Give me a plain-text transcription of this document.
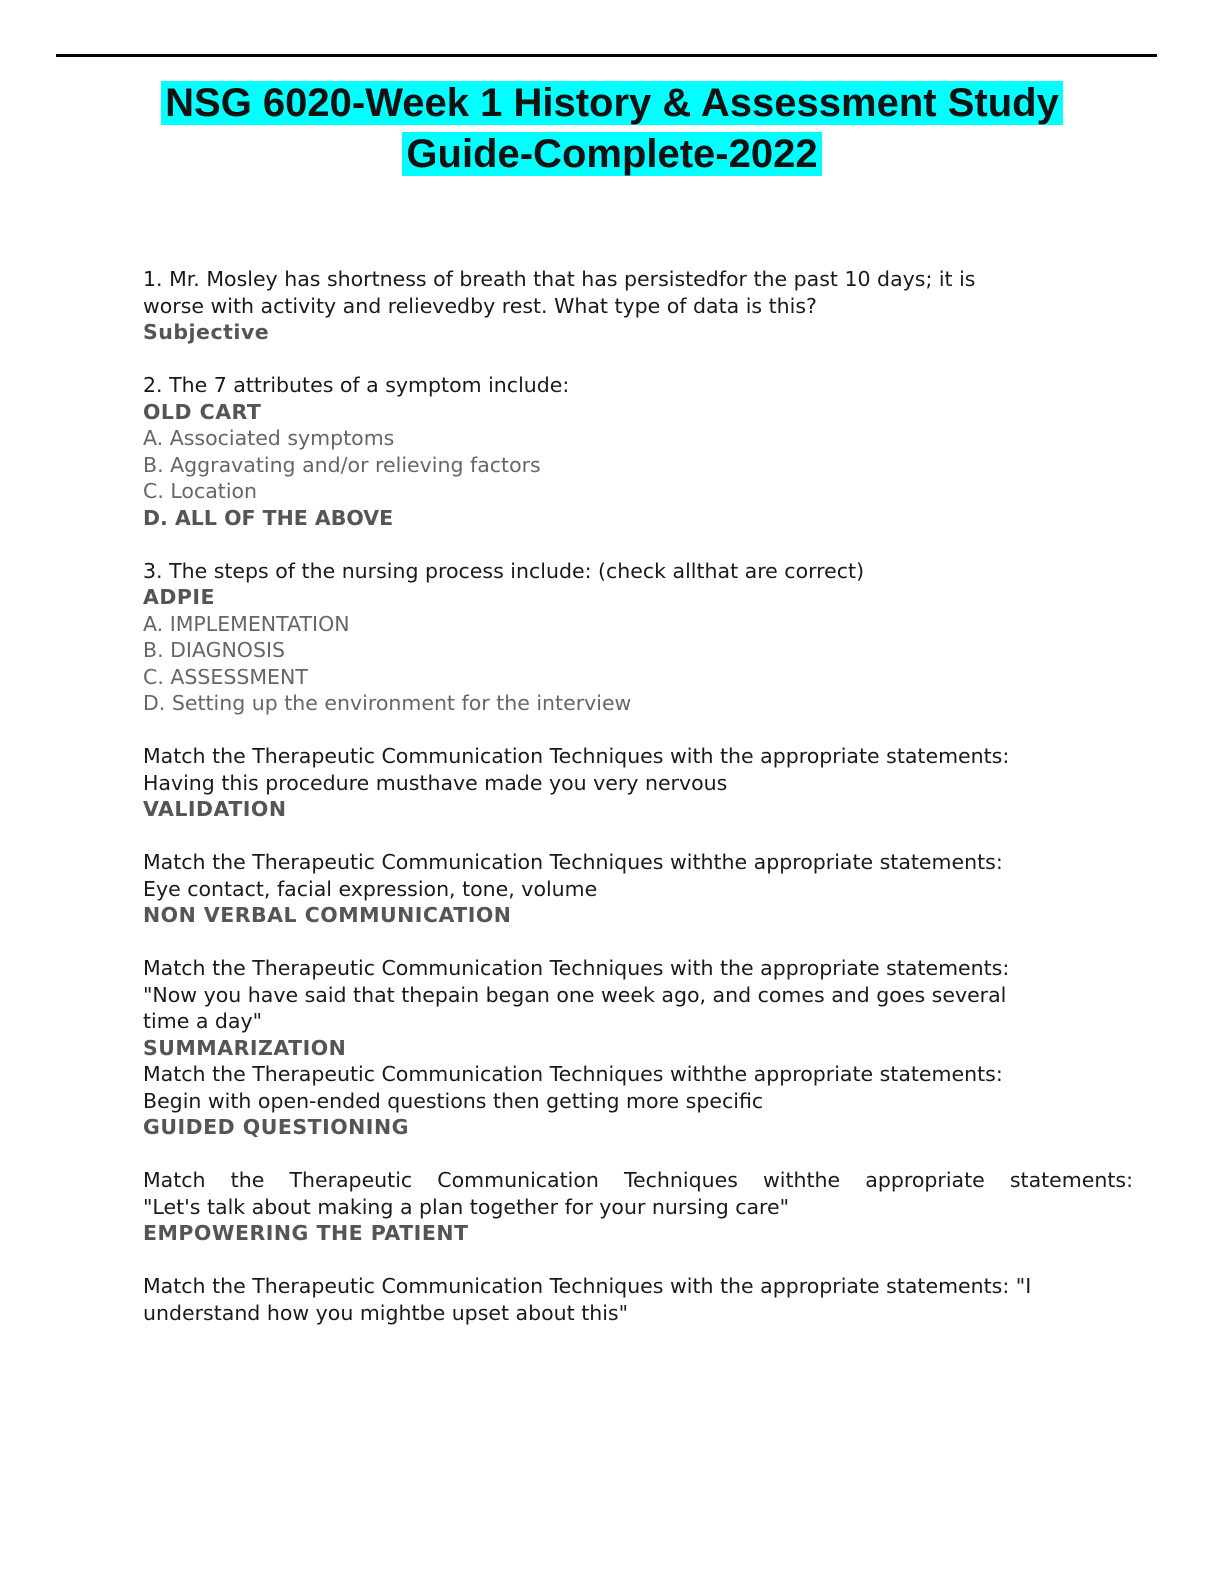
NSG 6020-Week 1 History & Assessment Study
Guide-Complete-2022
1. Mr. Mosley has shortness of breath that has persistedfor the past 10 days; it is
worse with activity and relievedby rest. What type of data is this?
Subjective
2. The 7 attributes of a symptom include:
OLD CART
A. Associated symptoms
B. Aggravating and/or relieving factors
C. Location
D. ALL OF THE ABOVE
3. The steps of the nursing process include: (check allthat are correct)
ADPIE
A. IMPLEMENTATION
B. DIAGNOSIS
C. ASSESSMENT
D. Setting up the environment for the interview
Match the Therapeutic Communication Techniques with the appropriate statements:
Having this procedure musthave made you very nervous
VALIDATION
Match the Therapeutic Communication Techniques withthe appropriate statements:
Eye contact, facial expression, tone, volume
NON VERBAL COMMUNICATION
Match the Therapeutic Communication Techniques with the appropriate statements:
"Now you have said that thepain began one week ago, and comes and goes several
time a day"
SUMMARIZATION
Match the Therapeutic Communication Techniques withthe appropriate statements:
Begin with open-ended questions then getting more specific
GUIDED QUESTIONING
Match the Therapeutic Communication Techniques withthe appropriate statements:
"Let's talk about making a plan together for your nursing care"
EMPOWERING THE PATIENT
Match the Therapeutic Communication Techniques with the appropriate statements: "I
understand how you mightbe upset about this"
